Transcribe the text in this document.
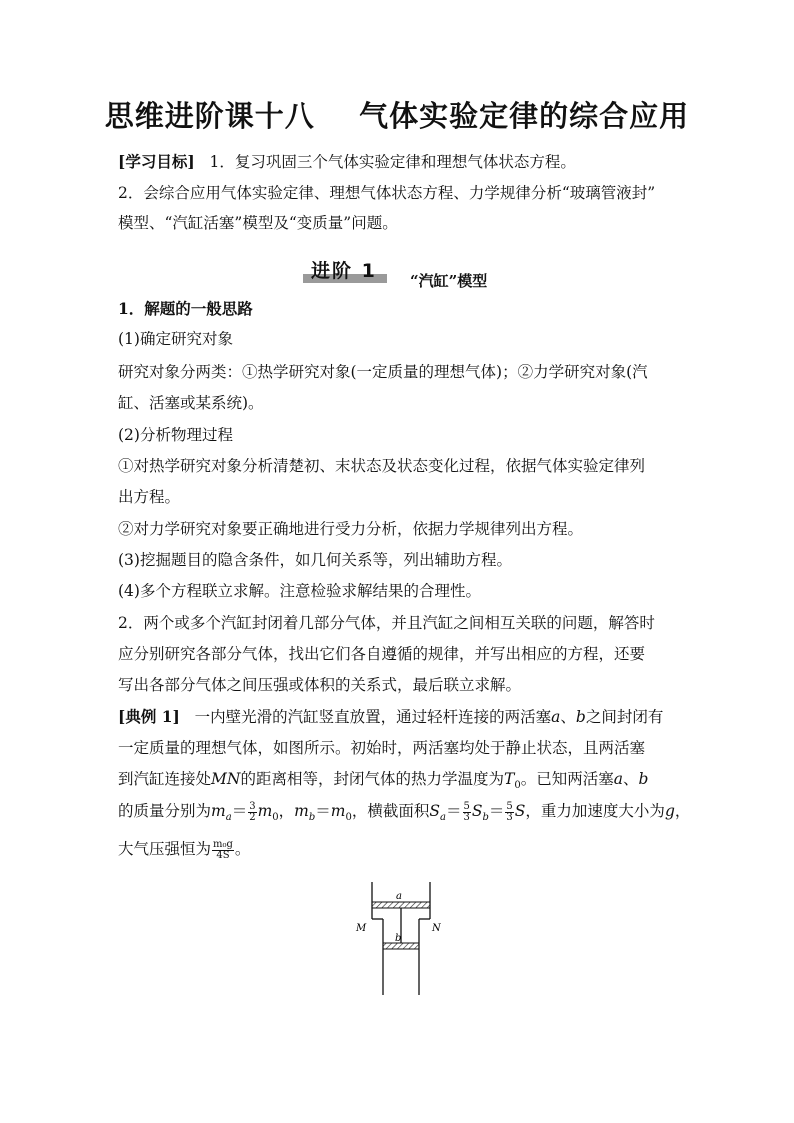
思维进阶课十八    气体实验定律的综合应用
[学习目标] 1．复习巩固三个气体实验定律和理想气体状态方程。
2．会综合应用气体实验定律、理想气体状态方程、力学规律分析“玻璃管液封”
模型、“汽缸活塞”模型及“变质量”问题。
进阶 1 “汽缸”模型
1．解题的一般思路
(1)确定研究对象
研究对象分两类：①热学研究对象(一定质量的理想气体)；②力学研究对象(汽
缸、活塞或某系统)。
(2)分析物理过程
①对热学研究对象分析清楚初、末状态及状态变化过程，依据气体实验定律列
出方程。
②对力学研究对象要正确地进行受力分析，依据力学规律列出方程。
(3)挖掘题目的隐含条件，如几何关系等，列出辅助方程。
(4)多个方程联立求解。注意检验求解结果的合理性。
2．两个或多个汽缸封闭着几部分气体，并且汽缸之间相互关联的问题，解答时
应分别研究各部分气体，找出它们各自遵循的规律，并写出相应的方程，还要
写出各部分气体之间压强或体积的关系式，最后联立求解。
[典例 1] 一内壁光滑的汽缸竖直放置，通过轻杆连接的两活塞a、b之间封闭有
一定质量的理想气体，如图所示。初始时，两活塞均处于静止状态，且两活塞
到汽缸连接处MN的距离相等，封闭气体的热力学温度为$T_0$。已知两活塞a、b
的质量分别为$m_a= \frac{3}{2} m_0$，$m_b=m_0$，横截面积$S_a= \frac{5}{3} S_b= \frac{5}{3}$ S，重力加速度大小为g，
大气压强恒为 $\frac{\text{m₀g}}{4S}$ 。
a
b
M	N
